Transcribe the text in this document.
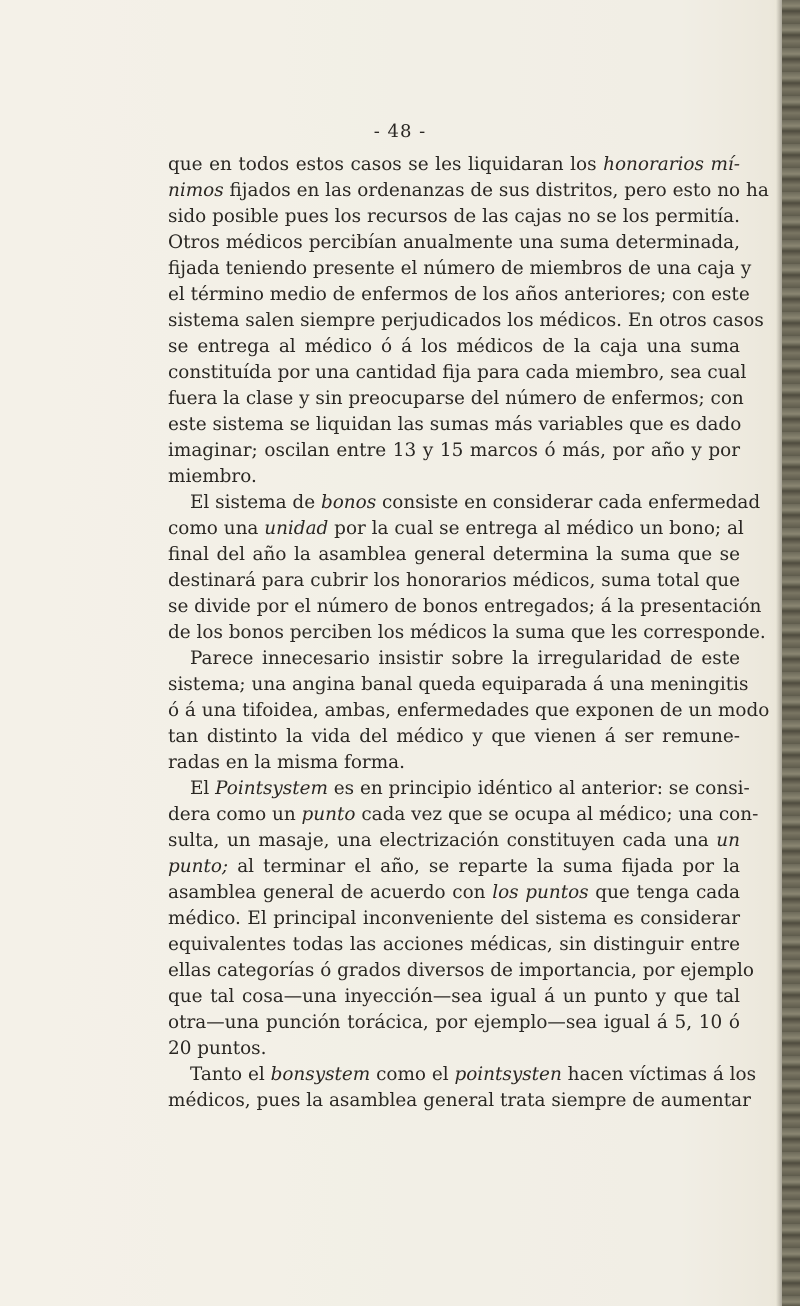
- 48 -
que en todos estos casos se les liquidaran los honorarios mí-
nimos fijados en las ordenanzas de sus distritos, pero esto no ha
sido posible pues los recursos de las cajas no se los permitía.
Otros médicos percibían anualmente una suma determinada,
fijada teniendo presente el número de miembros de una caja y
el término medio de enfermos de los años anteriores; con este
sistema salen siempre perjudicados los médicos. En otros casos
se entrega al médico ó á los médicos de la caja una suma
constituída por una cantidad fija para cada miembro, sea cual
fuera la clase y sin preocuparse del número de enfermos; con
este sistema se liquidan las sumas más variables que es dado
imaginar; oscilan entre 13 y 15 marcos ó más, por año y por
miembro.
El sistema de bonos consiste en considerar cada enfermedad
como una unidad por la cual se entrega al médico un bono; al
final del año la asamblea general determina la suma que se
destinará para cubrir los honorarios médicos, suma total que
se divide por el número de bonos entregados; á la presentación
de los bonos perciben los médicos la suma que les corresponde.
Parece innecesario insistir sobre la irregularidad de este
sistema; una angina banal queda equiparada á una meningitis
ó á una tifoidea, ambas, enfermedades que exponen de un modo
tan distinto la vida del médico y que vienen á ser remune-
radas en la misma forma.
El Pointsystem es en principio idéntico al anterior: se consi-
dera como un punto cada vez que se ocupa al médico; una con-
sulta, un masaje, una electrización constituyen cada una un
punto; al terminar el año, se reparte la suma fijada por la
asamblea general de acuerdo con los puntos que tenga cada
médico. El principal inconveniente del sistema es considerar
equivalentes todas las acciones médicas, sin distinguir entre
ellas categorías ó grados diversos de importancia, por ejemplo
que tal cosa—una inyección—sea igual á un punto y que tal
otra—una punción torácica, por ejemplo—sea igual á 5, 10 ó
20 puntos.
Tanto el bonsystem como el pointsysten hacen víctimas á los
médicos, pues la asamblea general trata siempre de aumentar
